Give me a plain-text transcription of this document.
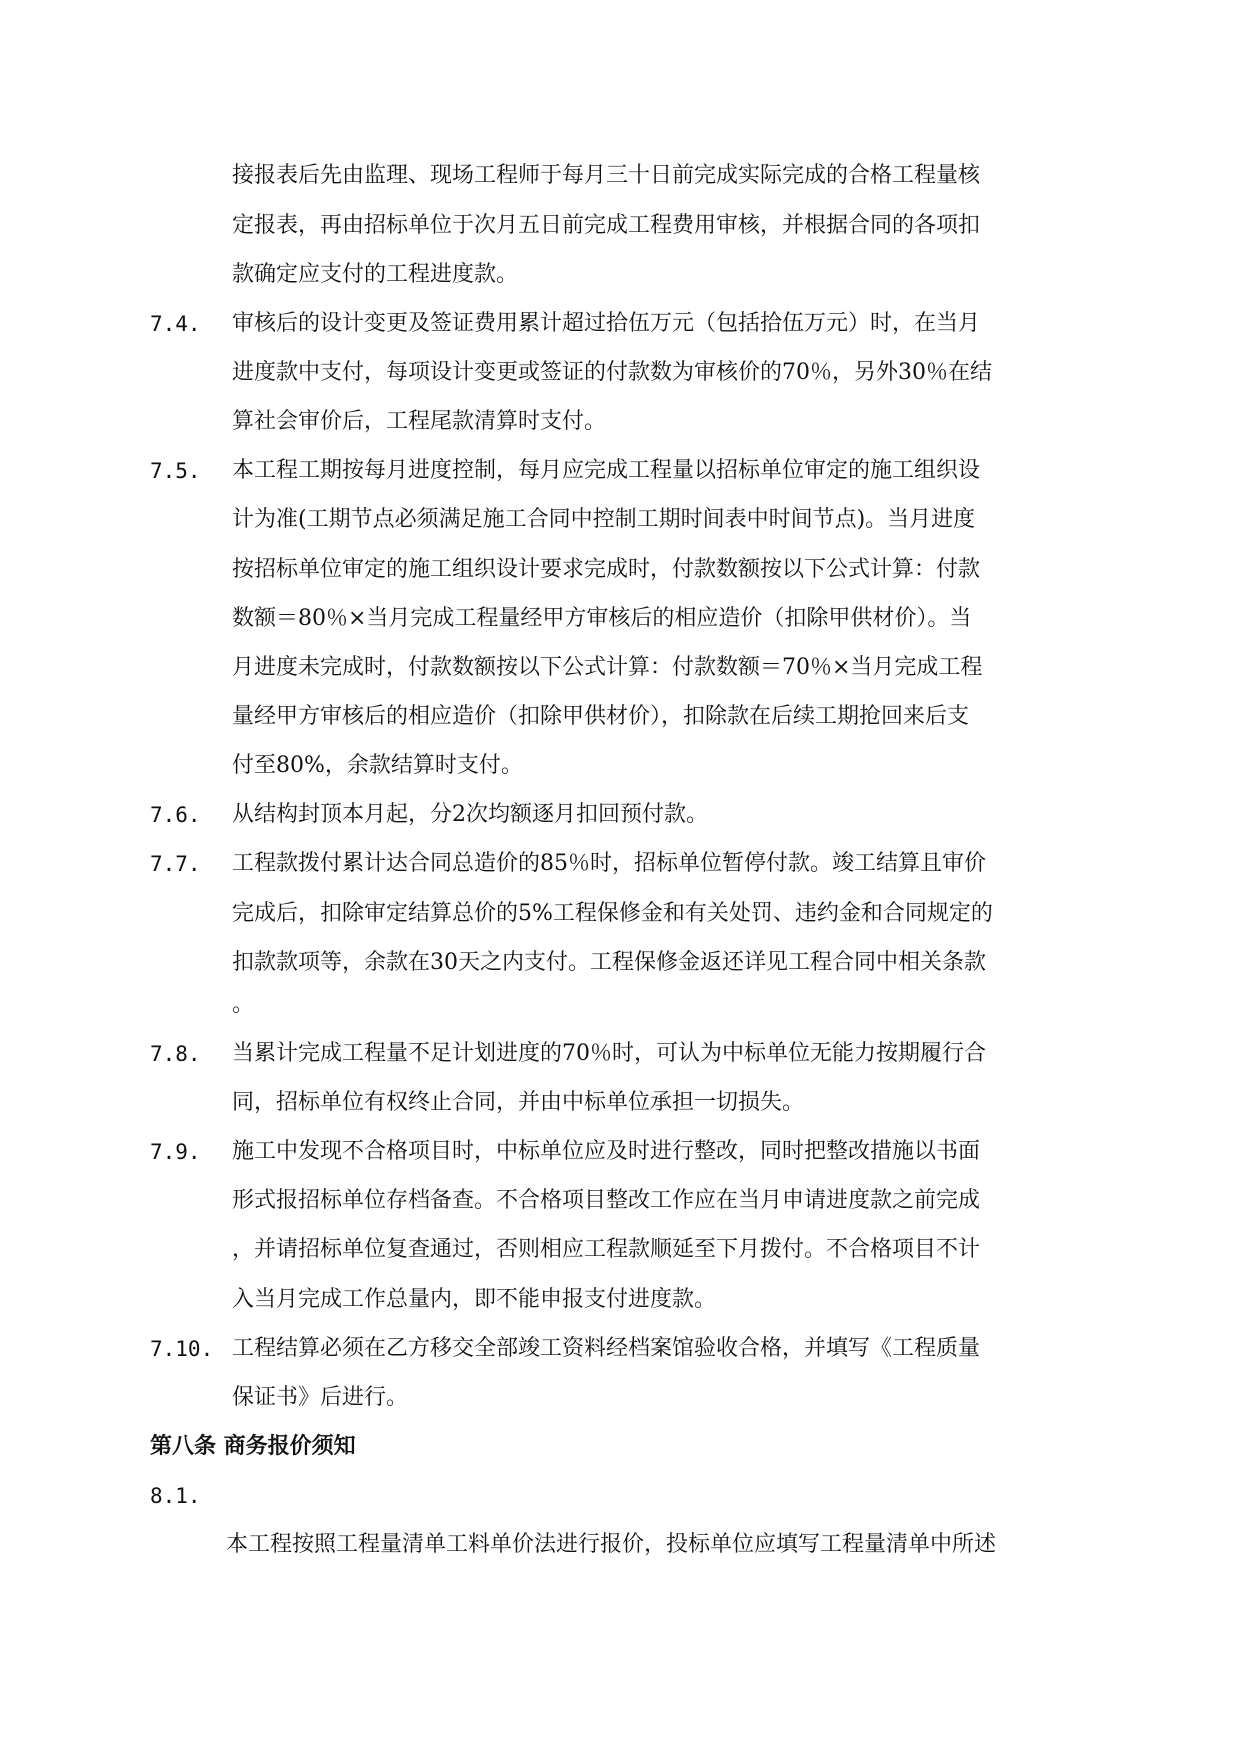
接报表后先由监理、现场工程师于每月三十日前完成实际完成的合格工程量核
定报表，再由招标单位于次月五日前完成工程费用审核，并根据合同的各项扣
款确定应支付的工程进度款。
7.4. 审核后的设计变更及签证费用累计超过拾伍万元（包括拾伍万元）时，在当月
进度款中支付，每项设计变更或签证的付款数为审核价的70％，另外30％在结
算社会审价后，工程尾款清算时支付。
7.5. 本工程工期按每月进度控制，每月应完成工程量以招标单位审定的施工组织设
计为准(工期节点必须满足施工合同中控制工期时间表中时间节点)。当月进度
按招标单位审定的施工组织设计要求完成时，付款数额按以下公式计算：付款
数额＝80％×当月完成工程量经甲方审核后的相应造价（扣除甲供材价）。当
月进度未完成时，付款数额按以下公式计算：付款数额＝70％×当月完成工程
量经甲方审核后的相应造价（扣除甲供材价），扣除款在后续工期抢回来后支
付至80%，余款结算时支付。
7.6. 从结构封顶本月起，分2次均额逐月扣回预付款。
7.7. 工程款拨付累计达合同总造价的85％时，招标单位暂停付款。竣工结算且审价
完成后，扣除审定结算总价的5%工程保修金和有关处罚、违约金和合同规定的
扣款款项等，余款在30天之内支付。工程保修金返还详见工程合同中相关条款
。
7.8. 当累计完成工程量不足计划进度的70％时，可认为中标单位无能力按期履行合
同，招标单位有权终止合同，并由中标单位承担一切损失。
7.9. 施工中发现不合格项目时，中标单位应及时进行整改，同时把整改措施以书面
形式报招标单位存档备查。不合格项目整改工作应在当月申请进度款之前完成
，并请招标单位复查通过，否则相应工程款顺延至下月拨付。不合格项目不计
入当月完成工作总量内，即不能申报支付进度款。
7.10. 工程结算必须在乙方移交全部竣工资料经档案馆验收合格，并填写《工程质量
保证书》后进行。
第八条 商务报价须知
8.1.
本工程按照工程量清单工料单价法进行报价，投标单位应填写工程量清单中所述
